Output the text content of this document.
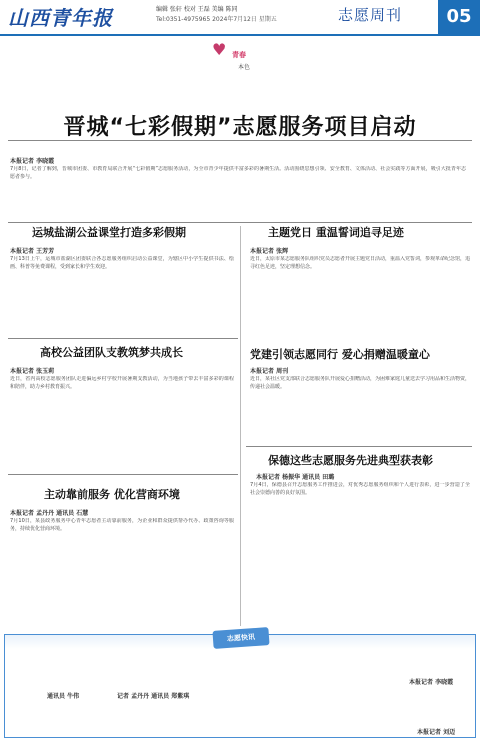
山西青年报	编辑 张轩 校对 王磊 美编 陈同
Tel:0351-4975965 2024年7月12日 星期五	志愿周刊	05
♥ 青春
本色
晋城“七彩假期”志愿服务项目启动
本报记者 李晓霞
7月8日，记者了解到，晋城市团委、市教育局联合开展“七彩假期”志愿服务活动，为全市青少年提供丰富多彩的暑期生活。活动围绕思想引领、安全教育、文体活动、社会实践等方面开展，吸引大批青年志愿者参与。
运城盐湖公益课堂打造多彩假期
本报记者 王芳芳
7月13日上午，运城市盐湖区团委联合各志愿服务组织启动公益课堂，为辖区中小学生提供书法、绘画、科普等免费课程，受到家长和学生欢迎。
主题党日 重温誓词追寻足迹
本报记者 张辉
近日，太原市某志愿服务队组织党员志愿者开展主题党日活动，重温入党誓词，参观革命纪念馆，追寻红色足迹，坚定理想信念。
党建引领志愿同行 爱心捐赠温暖童心
本报记者 周刊
近日，某社区党支部联合志愿服务队开展爱心捐赠活动，为困难家庭儿童送去学习用品和生活物资，传递社会温暖。
高校公益团队支教筑梦共成长
本报记者 张玉莉
近日，省内高校志愿服务团队走进偏远乡村学校开展暑期支教活动，为当地孩子带去丰富多彩的课程和陪伴，助力乡村教育振兴。
保德这些志愿服务先进典型获表彰
本报记者 杨振华 通讯员 田璐
7月4日，保德县召开志愿服务工作推进会，对优秀志愿服务组织和个人进行表彰，进一步营造了全社会崇德向善的良好氛围。
主动靠前服务 优化营商环境
本报记者 孟丹丹 通讯员 石慧
7月10日，某县政务服务中心青年志愿者主动靠前服务，为企业和群众提供帮办代办、政策咨询等服务，持续优化营商环境。
志愿快讯
本报记者 李晓霞
通讯员 牛伟	记者 孟丹丹 通讯员 郑紫琪
本报记者 刘迈
